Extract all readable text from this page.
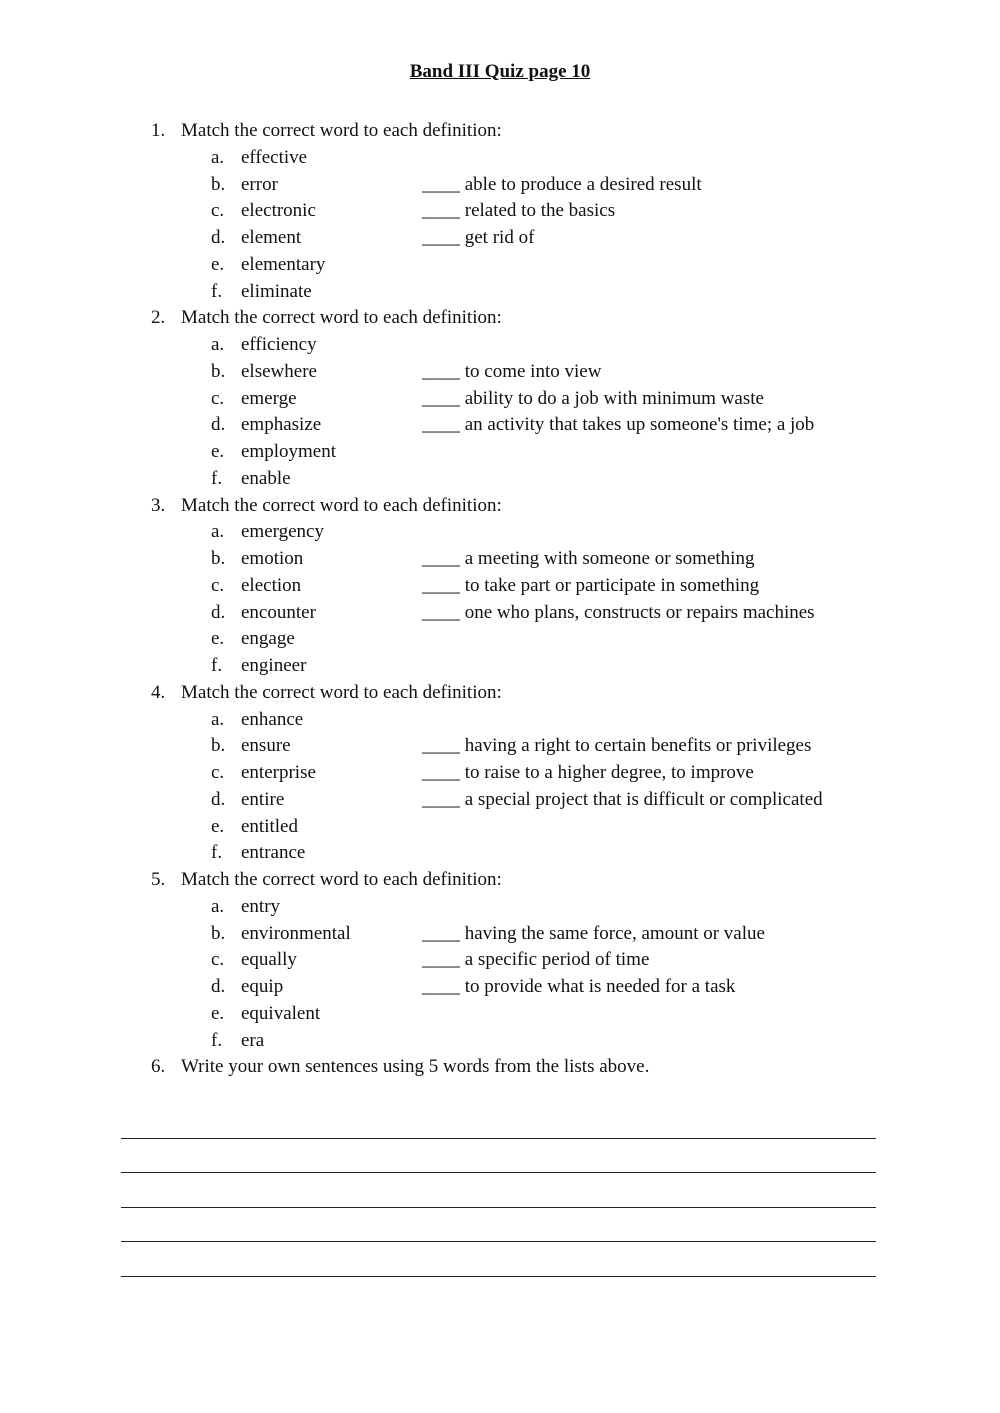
Band III Quiz page 10
1. Match the correct word to each definition:
a. effective
b. error	____ able to produce a desired result
c. electronic	____ related to the basics
d. element	____ get rid of
e. elementary
f. eliminate
2. Match the correct word to each definition:
a. efficiency
b. elsewhere	____ to come into view
c. emerge	____ ability to do a job with minimum waste
d. emphasize	____ an activity that takes up someone's time; a job
e. employment
f. enable
3. Match the correct word to each definition:
a. emergency
b. emotion	____ a meeting with someone or something
c. election	____ to take part or participate in something
d. encounter	____ one who plans, constructs or repairs machines
e. engage
f. engineer
4. Match the correct word to each definition:
a. enhance
b. ensure	____ having a right to certain benefits or privileges
c. enterprise	____ to raise to a higher degree, to improve
d. entire	____ a special project that is difficult or complicated
e. entitled
f. entrance
5. Match the correct word to each definition:
a. entry
b. environmental	____ having the same force, amount or value
c. equally	____ a specific period of time
d. equip	____ to provide what is needed for a task
e. equivalent
f. era
6. Write your own sentences using 5 words from the lists above.
